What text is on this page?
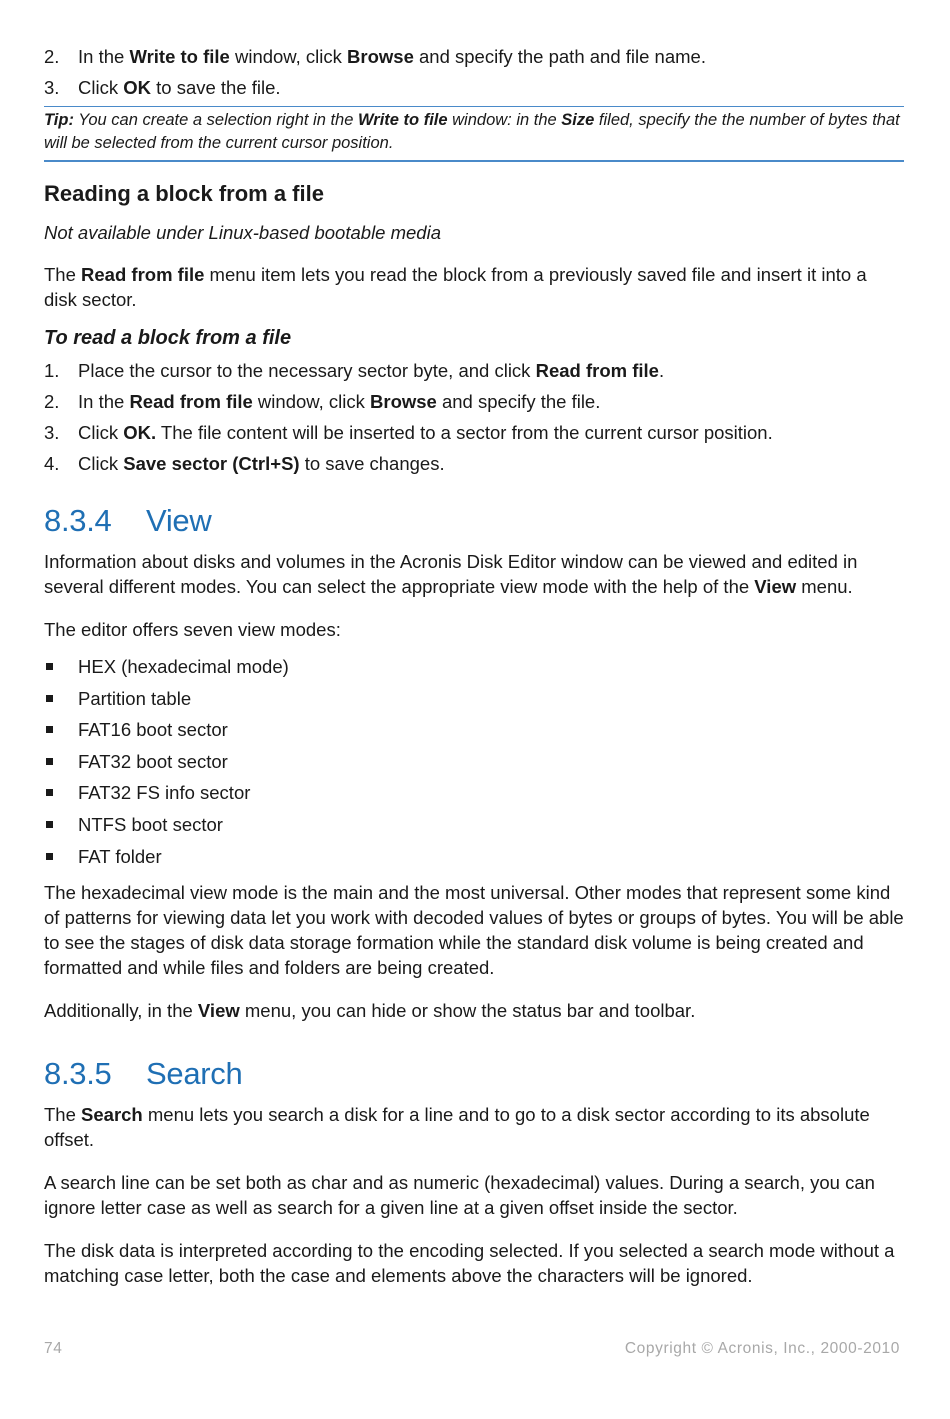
2. In the Write to file window, click Browse and specify the path and file name.
3. Click OK to save the file.
Tip: You can create a selection right in the Write to file window: in the Size filed, specify the the number of bytes that will be selected from the current cursor position.
Reading a block from a file

Not available under Linux-based bootable media

The Read from file menu item lets you read the block from a previously saved file and insert it into a disk sector.

To read a block from a file
1. Place the cursor to the necessary sector byte, and click Read from file.
2. In the Read from file window, click Browse and specify the file.
3. Click OK. The file content will be inserted to a sector from the current cursor position.
4. Click Save sector (Ctrl+S) to save changes.
8.3.4 View

Information about disks and volumes in the Acronis Disk Editor window can be viewed and edited in several different modes. You can select the appropriate view mode with the help of the View menu.

The editor offers seven view modes:

HEX (hexadecimal mode)
Partition table
FAT16 boot sector
FAT32 boot sector
FAT32 FS info sector
NTFS boot sector
FAT folder

The hexadecimal view mode is the main and the most universal. Other modes that represent some kind of patterns for viewing data let you work with decoded values of bytes or groups of bytes. You will be able to see the stages of disk data storage formation while the standard disk volume is being created and formatted and while files and folders are being created.

Additionally, in the View menu, you can hide or show the status bar and toolbar.

8.3.5 Search

The Search menu lets you search a disk for a line and to go to a disk sector according to its absolute offset.

A search line can be set both as char and as numeric (hexadecimal) values. During a search, you can ignore letter case as well as search for a given line at a given offset inside the sector.

The disk data is interpreted according to the encoding selected. If you selected a search mode without a matching case letter, both the case and elements above the characters will be ignored.

74	Copyright © Acronis, Inc., 2000-2010
